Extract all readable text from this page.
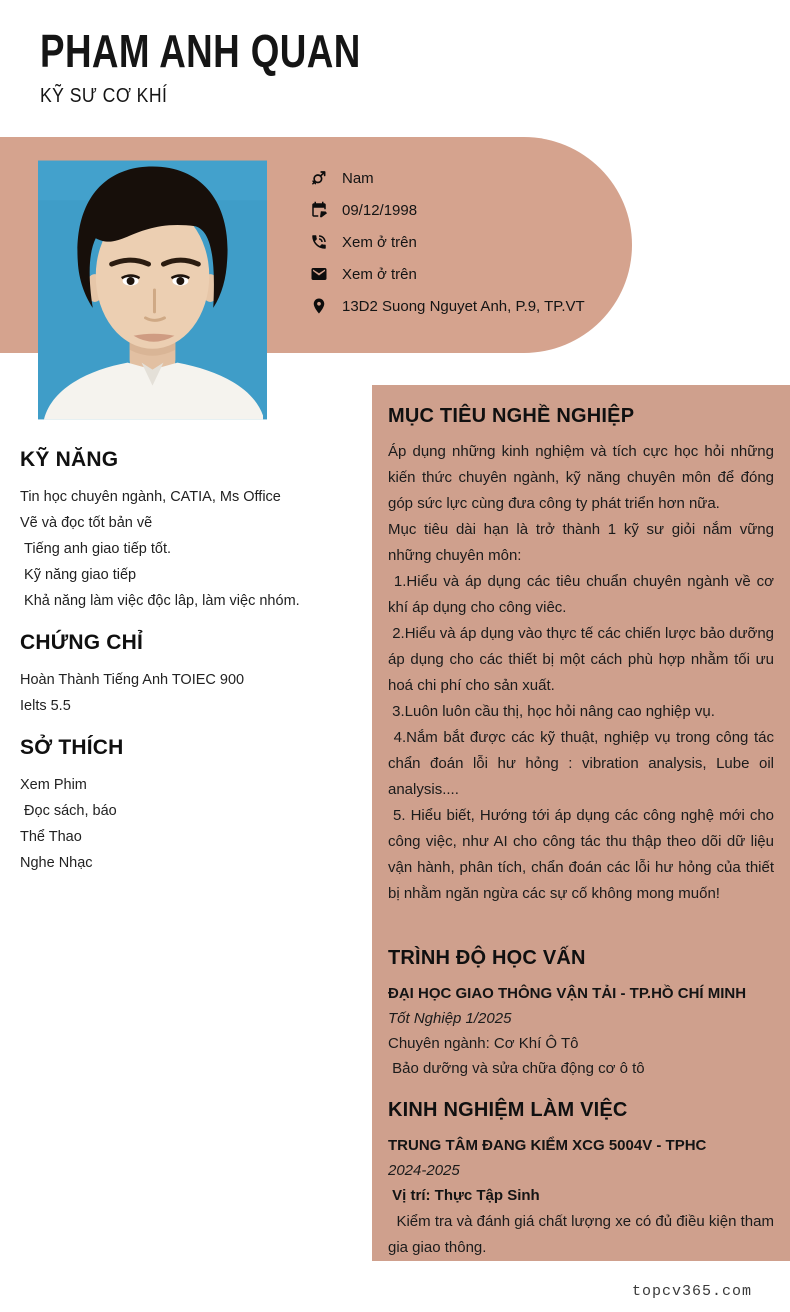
PHAM ANH QUAN
KỸ SƯ CƠ KHÍ
Nam
09/12/1998
Xem ở trên
Xem ở trên
13D2 Suong Nguyet Anh, P.9, TP.VT
KỸ NĂNG
Tin học chuyên ngành, CATIA, Ms Office
Vẽ và đọc tốt bản vẽ
Tiếng anh giao tiếp tốt.
Kỹ năng giao tiếp
Khả năng làm việc độc lâp, làm việc nhóm.
CHỨNG CHỈ
Hoàn Thành Tiếng Anh TOIEC 900
Ielts 5.5
SỞ THÍCH
Xem Phim
Đọc sách, báo
Thể Thao
Nghe Nhạc
MỤC TIÊU NGHỀ NGHIỆP

Áp dụng những kinh nghiệm và tích cực học hỏi những kiến thức chuyên ngành, kỹ năng chuyên môn để đóng góp sức lực cùng đưa công ty phát triển hơn nữa.

Mục tiêu dài hạn là trở thành 1 kỹ sư giỏi nắm vững những chuyên môn:

1.Hiểu và áp dụng các tiêu chuẩn chuyên ngành về cơ khí áp dụng cho công viêc.

2.Hiểu và áp dụng vào thực tế các chiến lược bảo dưỡng áp dụng cho các thiết bị một cách phù hợp nhằm tối ưu hoá chi phí cho sản xuất.

3.Luôn luôn cầu thị, học hỏi nâng cao nghiệp vụ.

4.Nắm bắt được các kỹ thuật, nghiệp vụ trong công tác chẩn đoán lỗi hư hỏng : vibration analysis, Lube oil analysis....

5. Hiểu biết, Hướng tới áp dụng các công nghệ mới cho công việc, như AI cho công tác thu thập theo dõi dữ liệu vận hành, phân tích, chẩn đoán các lỗi hư hỏng của thiết bị nhằm ngăn ngừa các sự cố không mong muốn!

TRÌNH ĐỘ HỌC VẤN
ĐẠI HỌC GIAO THÔNG VẬN TẢI - TP.HỒ CHÍ MINH
Tốt Nghiệp 1/2025
Chuyên ngành: Cơ Khí Ô Tô
Bảo dưỡng và sửa chữa động cơ ô tô
KINH NGHIỆM LÀM VIỆC
TRUNG TÂM ĐANG KIỂM XCG 5004V - TPHC
2024-2025
Vị trí: Thực Tập Sinh

Kiểm tra và đánh giá chất lượng xe có đủ điều kiện tham gia giao thông.

topcv365.com
